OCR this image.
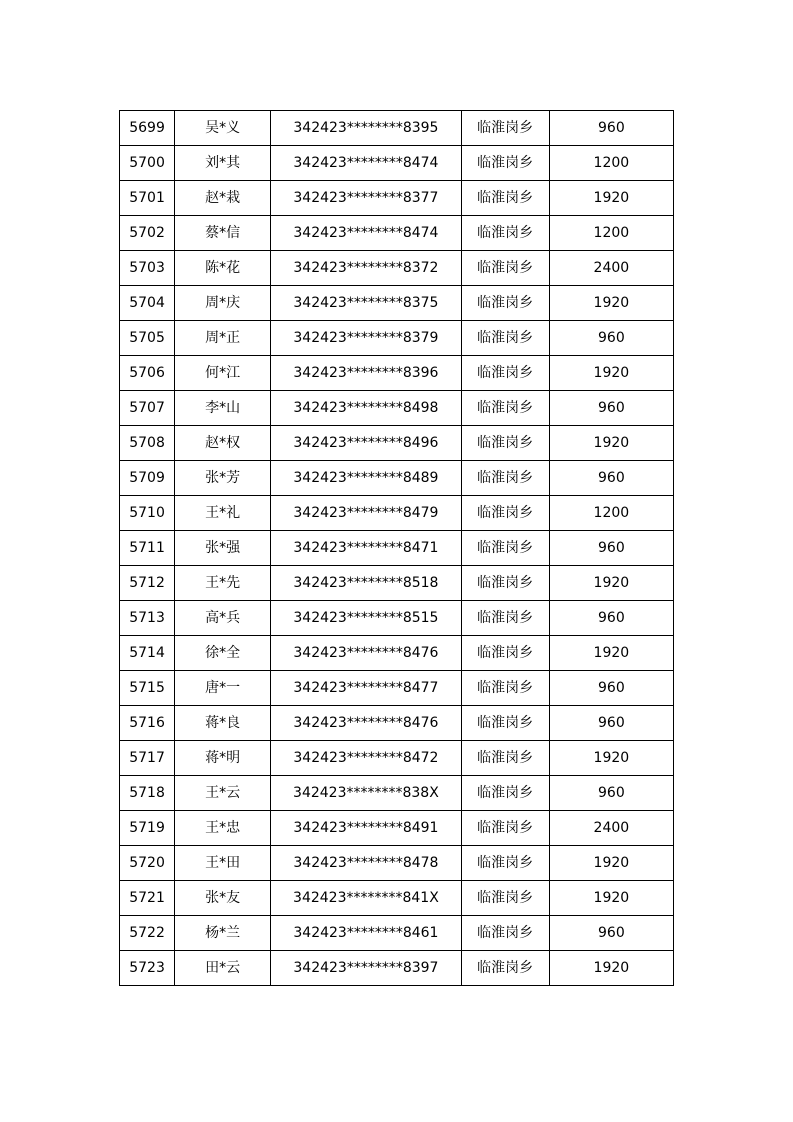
5699	吴*义	342423********8395	临淮岗乡	960
5700	刘*其	342423********8474	临淮岗乡	1200
5701	赵*栽	342423********8377	临淮岗乡	1920
5702	蔡*信	342423********8474	临淮岗乡	1200
5703	陈*花	342423********8372	临淮岗乡	2400
5704	周*庆	342423********8375	临淮岗乡	1920
5705	周*正	342423********8379	临淮岗乡	960
5706	何*江	342423********8396	临淮岗乡	1920
5707	李*山	342423********8498	临淮岗乡	960
5708	赵*权	342423********8496	临淮岗乡	1920
5709	张*芳	342423********8489	临淮岗乡	960
5710	王*礼	342423********8479	临淮岗乡	1200
5711	张*强	342423********8471	临淮岗乡	960
5712	王*先	342423********8518	临淮岗乡	1920
5713	高*兵	342423********8515	临淮岗乡	960
5714	徐*全	342423********8476	临淮岗乡	1920
5715	唐*一	342423********8477	临淮岗乡	960
5716	蒋*良	342423********8476	临淮岗乡	960
5717	蒋*明	342423********8472	临淮岗乡	1920
5718	王*云	342423********838X	临淮岗乡	960
5719	王*忠	342423********8491	临淮岗乡	2400
5720	王*田	342423********8478	临淮岗乡	1920
5721	张*友	342423********841X	临淮岗乡	1920
5722	杨*兰	342423********8461	临淮岗乡	960
5723	田*云	342423********8397	临淮岗乡	1920
